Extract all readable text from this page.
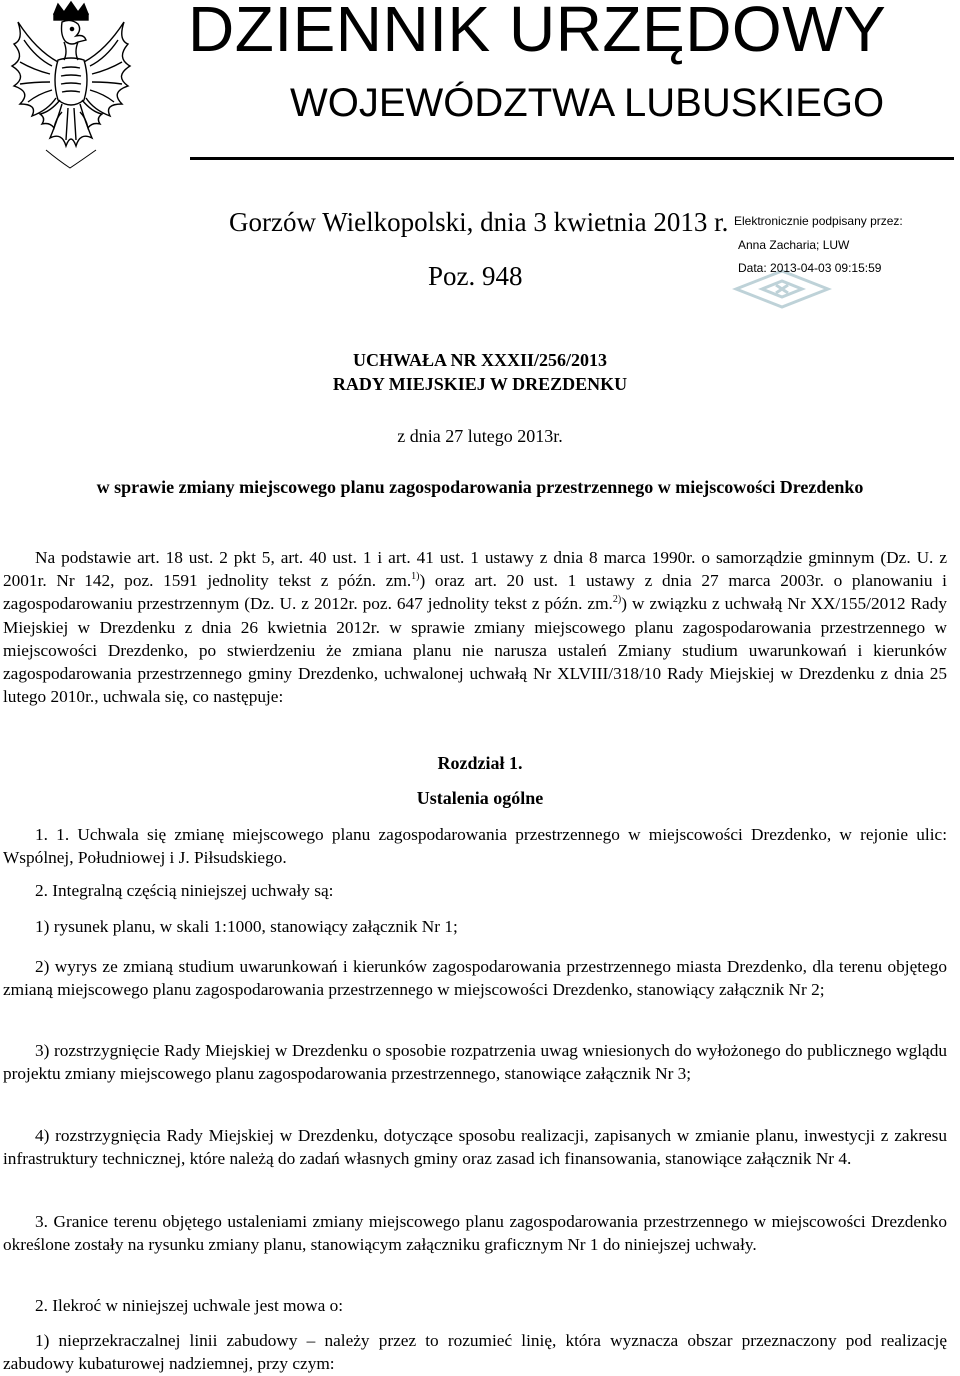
DZIENNIK URZĘDOWY
WOJEWÓDZTWA LUBUSKIEGO
Gorzów Wielkopolski, dnia 3 kwietnia 2013 r.
Poz. 948
Elektronicznie podpisany przez:
Anna Zacharia; LUW
Data: 2013-04-03 09:15:59
UCHWAŁA NR XXXII/256/2013
RADY MIEJSKIEJ W DREZDENKU
z dnia 27 lutego 2013r.
w sprawie zmiany miejscowego planu zagospodarowania przestrzennego w miejscowości Drezdenko

Na podstawie art. 18 ust. 2 pkt 5, art. 40 ust. 1 i art. 41 ust. 1 ustawy z dnia 8 marca 1990r. o samorządzie gminnym (Dz. U. z 2001r. Nr 142, poz. 1591 jednolity tekst z późn. zm.$^{1)}$) oraz art. 20 ust. 1 ustawy z dnia 27 marca 2003r. o planowaniu i zagospodarowaniu przestrzennym (Dz. U. z 2012r. poz. 647 jednolity tekst z późn. zm.$^{2)}$) w związku z uchwałą Nr XX/155/2012 Rady Miejskiej w Drezdenku z dnia 26 kwietnia 2012r. w sprawie zmiany miejscowego planu zagospodarowania przestrzennego w miejscowości Drezdenko, po stwierdzeniu że zmiana planu nie narusza ustaleń Zmiany studium uwarunkowań i kierunków zagospodarowania przestrzennego gminy Drezdenko, uchwalonej uchwałą Nr XLVIII/318/10 Rady Miejskiej w Drezdenku z dnia 25 lutego 2010r., uchwala się, co następuje:

Rozdział 1.
Ustalenia ogólne

1. 1. Uchwala się zmianę miejscowego planu zagospodarowania przestrzennego w miejscowości Drezdenko, w rejonie ulic: Wspólnej, Południowej i J. Piłsudskiego.

2. Integralną częścią niniejszej uchwały są:

1) rysunek planu, w skali 1:1000, stanowiący załącznik Nr 1;

2) wyrys ze zmianą studium uwarunkowań i kierunków zagospodarowania przestrzennego miasta Drezdenko, dla terenu objętego zmianą miejscowego planu zagospodarowania przestrzennego w miejscowości Drezdenko, stanowiący załącznik Nr 2;

3) rozstrzygnięcie Rady Miejskiej w Drezdenku o sposobie rozpatrzenia uwag wniesionych do wyłożonego do publicznego wglądu projektu zmiany miejscowego planu zagospodarowania przestrzennego, stanowiące załącznik Nr 3;

4) rozstrzygnięcia Rady Miejskiej w Drezdenku, dotyczące sposobu realizacji, zapisanych w zmianie planu, inwestycji z zakresu infrastruktury technicznej, które należą do zadań własnych gminy oraz zasad ich finansowania, stanowiące załącznik Nr 4.

3. Granice terenu objętego ustaleniami zmiany miejscowego planu zagospodarowania przestrzennego w miejscowości Drezdenko określone zostały na rysunku zmiany planu, stanowiącym załączniku graficznym Nr 1 do niniejszej uchwały.

2. Ilekroć w niniejszej uchwale jest mowa o:

1) nieprzekraczalnej linii zabudowy – należy przez to rozumieć linię, która wyznacza obszar przeznaczony pod realizację zabudowy kubaturowej nadziemnej, przy czym:
